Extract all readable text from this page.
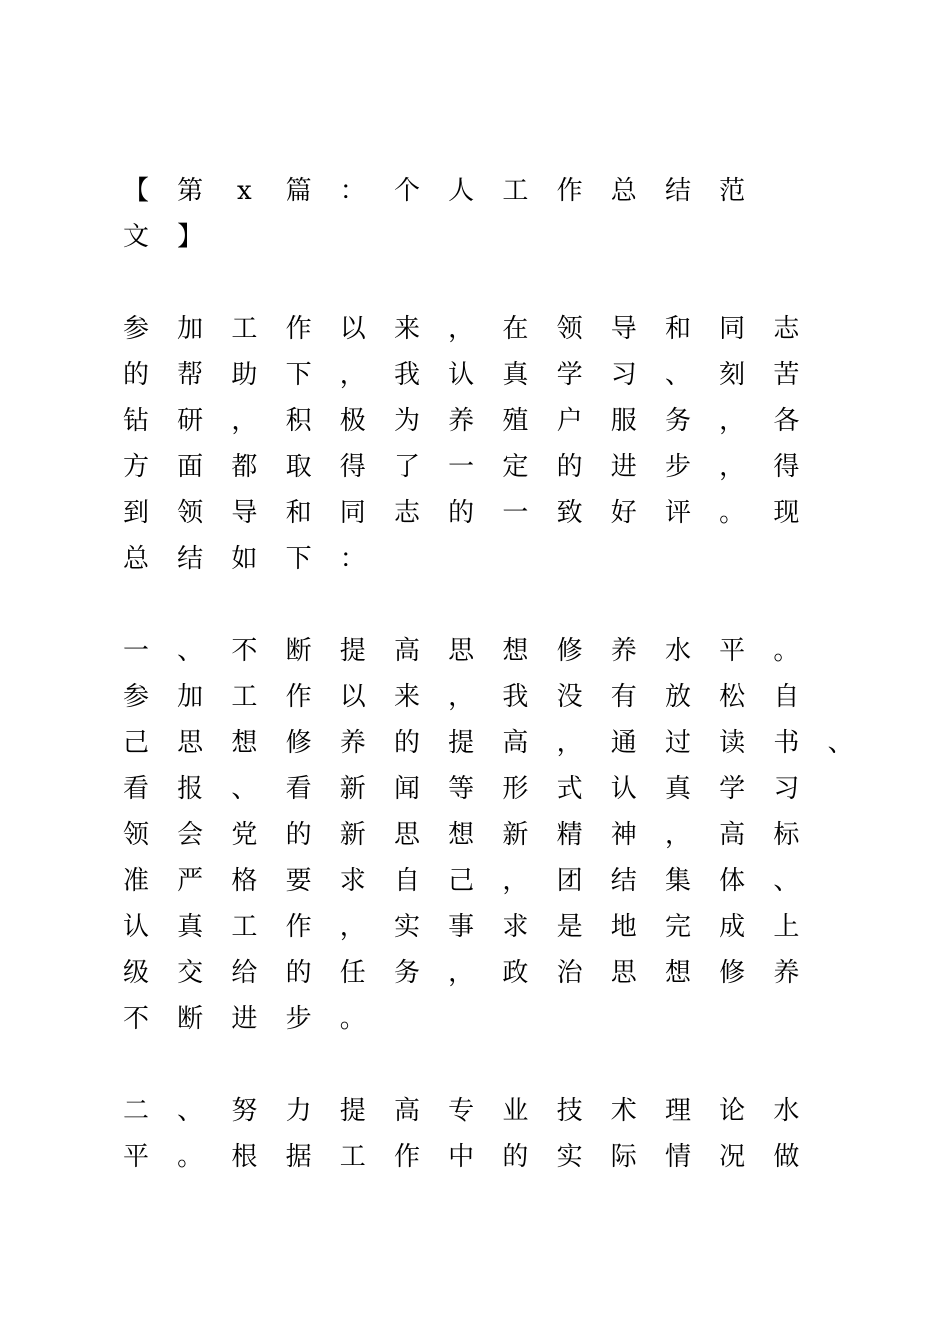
【 第	x	篇 ： 个 人 工 作 总 结 范
文 】
参 加 工 作 以 来 ， 在 领 导 和 同 志
的 帮 助 下 ， 我 认 真 学 习 、 刻 苦
钻 研 ， 积 极 为 养 殖 户 服 务 ， 各
方 面 都 取 得 了 一 定 的 进 步 ， 得
到 领 导 和 同 志 的 一 致 好 评 。 现
总 结 如 下 ：
一 、 不 断 提 高 思 想 修 养 水 平 。
参 加 工 作 以 来 ， 我 没 有 放 松 自
己 思 想 修 养 的 提 高 ， 通 过 读 书 、
看 报 、 看 新 闻 等 形 式 认 真 学 习
领 会 党 的 新 思 想 新 精 神 ， 高 标
准 严 格 要 求 自 己 ， 团 结 集 体 、
认 真 工 作 ， 实 事 求 是 地 完 成 上
级 交 给 的 任 务 ， 政 治 思 想 修 养
不 断 进 步 。
二 、 努 力 提 高 专 业 技 术 理 论 水
平 。 根 据 工 作 中 的 实 际 情 况 做
